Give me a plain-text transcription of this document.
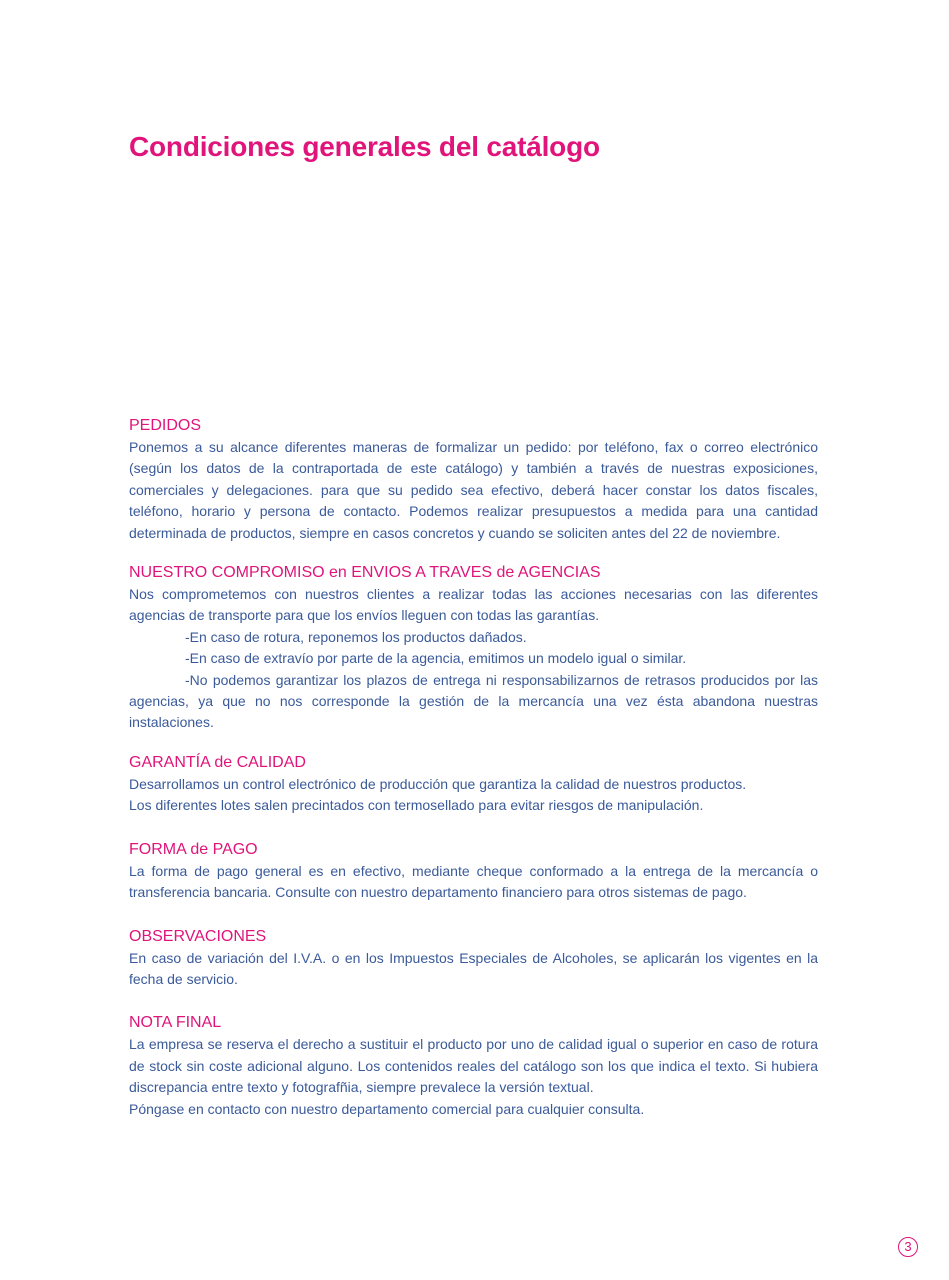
Condiciones generales del catálogo
PEDIDOS

Ponemos a su alcance diferentes maneras de formalizar un pedido: por teléfono, fax o correo electrónico (según los datos de la contraportada de este catálogo) y también a través de nuestras exposiciones, comerciales y delegaciones. para que su pedido sea efectivo, deberá hacer constar los datos fiscales, teléfono, horario y persona de contacto. Podemos realizar presupuestos a medida para una cantidad determinada de productos, siempre en casos concretos y cuando se soliciten antes del 22 de noviembre.

NUESTRO COMPROMISO en ENVIOS A TRAVES de AGENCIAS

Nos comprometemos con nuestros clientes a realizar todas las acciones necesarias con las diferentes agencias de transporte para que los envíos lleguen con todas las garantías.

-En caso de rotura, reponemos los productos dañados.
-En caso de extravío por parte de la agencia, emitimos un modelo igual o similar.

-No podemos garantizar los plazos de entrega ni responsabilizarnos de retrasos producidos por las agencias, ya que no nos corresponde la gestión de la mercancía una vez ésta abandona nuestras instalaciones.

GARANTÍA de CALIDAD
Desarrollamos un control electrónico de producción que garantiza la calidad de nuestros productos.
Los diferentes lotes salen precintados con termosellado para evitar riesgos de manipulación.
FORMA de PAGO

La forma de pago general es en efectivo, mediante cheque conformado a la entrega de la mercancía o transferencia bancaria. Consulte con nuestro departamento financiero para otros sistemas de pago.

OBSERVACIONES

En caso de variación del I.V.A. o en los Impuestos Especiales de Alcoholes, se aplicarán los vigentes en la fecha de servicio.

NOTA FINAL

La empresa se reserva el derecho a sustituir el producto por uno de calidad igual o superior en caso de rotura de stock sin coste adicional alguno. Los contenidos reales del catálogo son los que indica el texto. Si hubiera discrepancia entre texto y fotografñia, siempre prevalece la versión textual.

Póngase en contacto con nuestro departamento comercial para cualquier consulta.
3
